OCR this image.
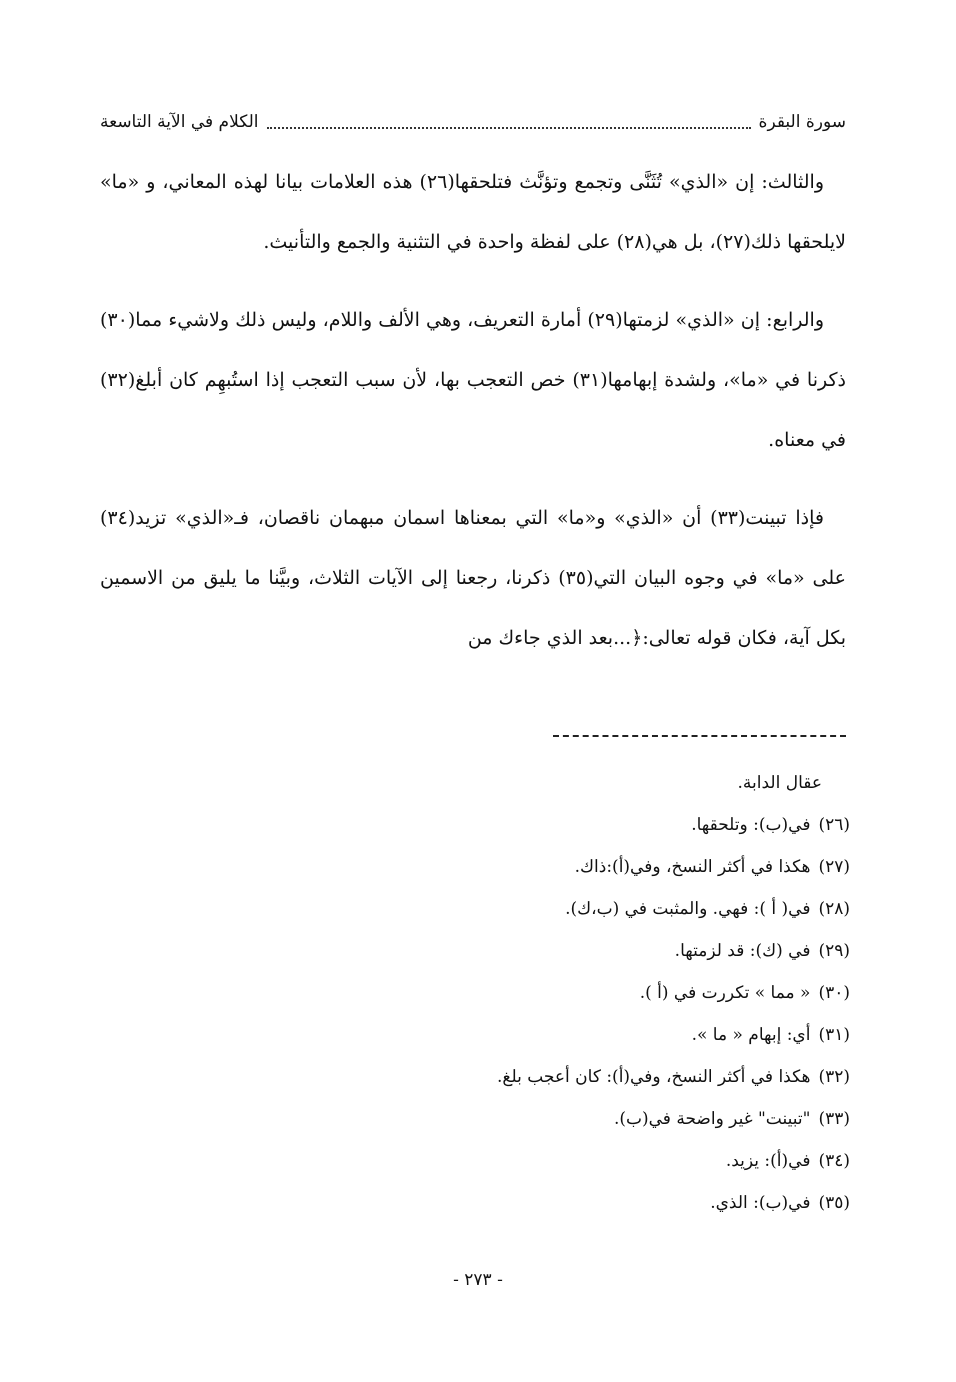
سورة البقرة
الكلام في الآية التاسعة

والثالث: إن «الذي» تُثَنَّى وتجمع وتؤنَّث فتلحقها(٢٦) هذه العلامات بيانا لهذه المعاني، و «ما» لايلحقها ذلك(٢٧)، بل هي(٢٨) على لفظة واحدة في التثنية والجمع والتأنيث.

والرابع: إن «الذي» لزمتها(٢٩) أمارة التعريف، وهي الألف واللام، وليس ذلك ولاشيء مما(٣٠) ذكرنا في «ما»، ولشدة إبهامها(٣١) خص التعجب بها، لأن سبب التعجب إذا استُبهِم كان أبلغ(٣٢) في معناه.

فإذا تبينت(٣٣) أن «الذي» و«ما» التي بمعناها اسمان مبهمان ناقصان، فـ«الذي» تزيد(٣٤) على «ما» في وجوه البيان التي(٣٥) ذكرنا، رجعنا إلى الآيات الثلاث، وبيَّنا ما يليق من الاسمين بكل آية، فكان قوله تعالى:﴿...بعد الذي جاءك من

عقال الدابة.

(٢٦)في(ب): وتلحقها.

(٢٧)هكذا في أكثر النسخ، وفي(أ):ذاك.

(٢٨)في( أ ): فهي. والمثبت في (ب،ك).

(٢٩)في (ك): قد لزمتها.

(٣٠)« مما » تكررت في (أ ).

(٣١)أي: إبهام « ما ».

(٣٢)هكذا في أكثر النسخ، وفي(أ): كان أعجب بلغ.

(٣٣)"تبينت" غير واضحة في(ب).

(٣٤)في(أ): يزيد.

(٣٥)في(ب): الذي.

- ٢٧٣ -
